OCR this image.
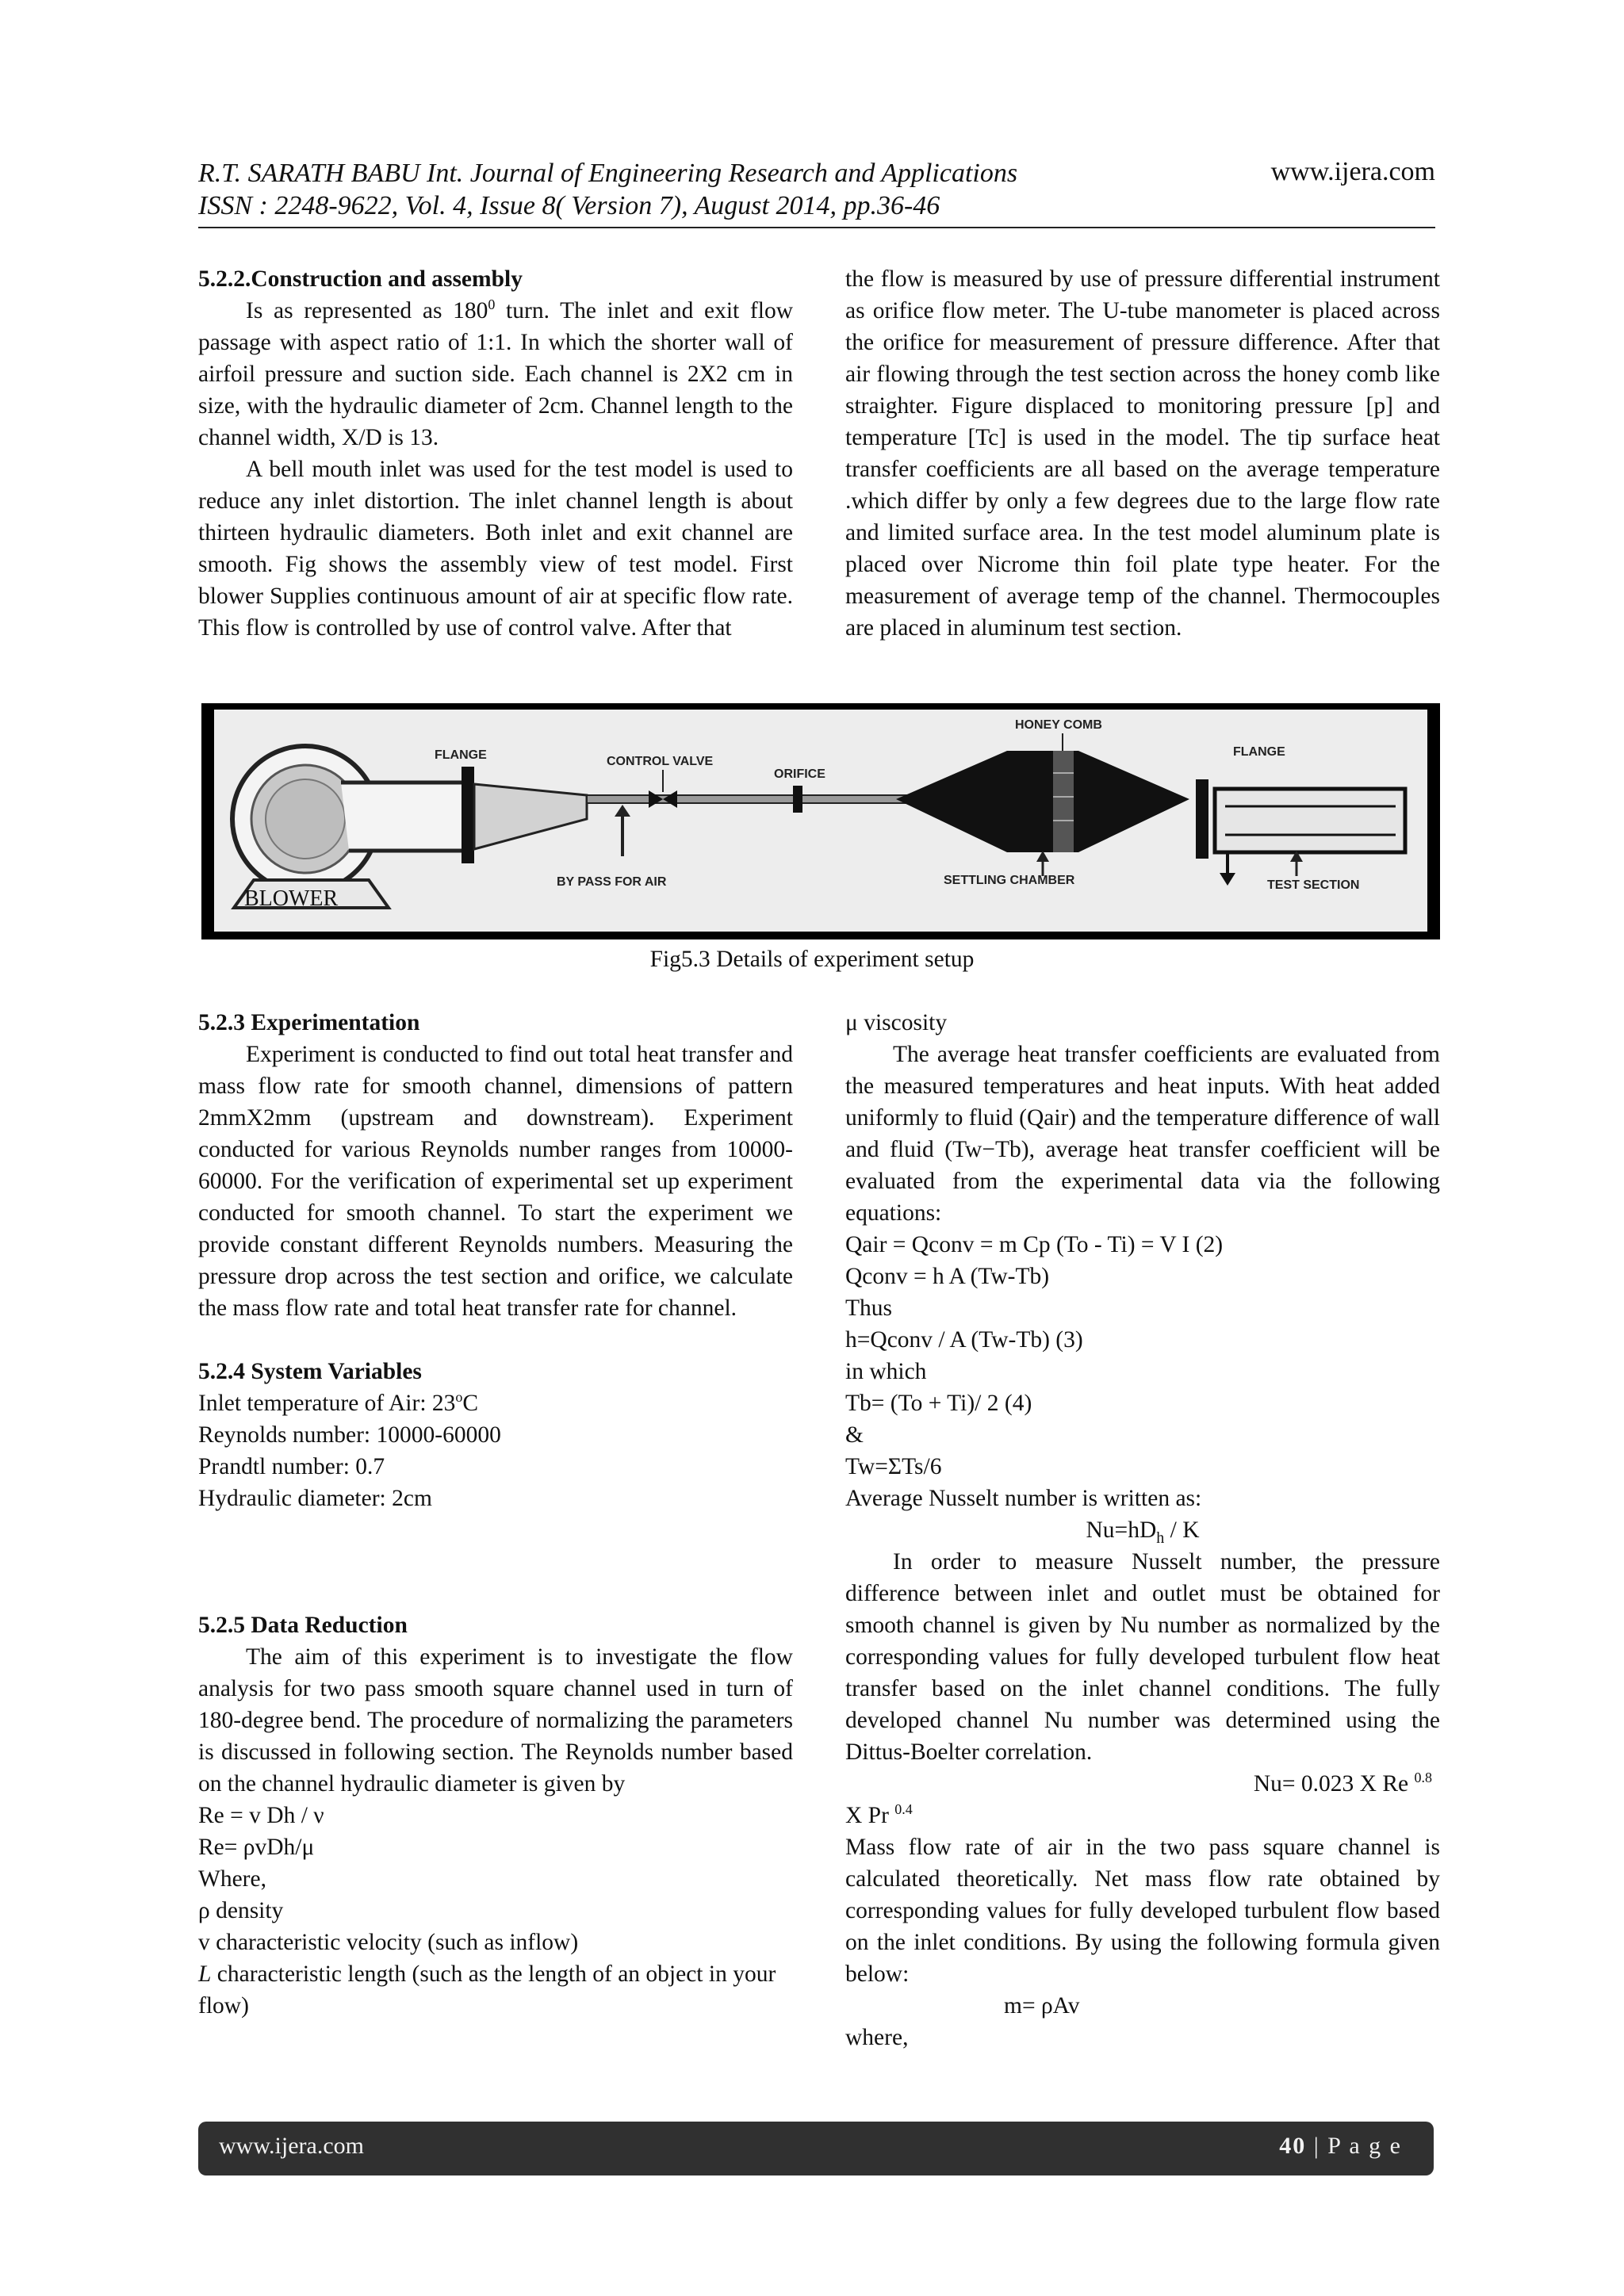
R.T. SARATH BABU Int. Journal of Engineering Research and Applications
ISSN : 2248-9622, Vol. 4, Issue 8( Version 7), August 2014, pp.36-46
www.ijera.com

5.2.2.Construction and assembly

Is as represented as $180^0$ turn. The inlet and exit flow passage with aspect ratio of 1:1. In which the shorter wall of airfoil pressure and suction side. Each channel is 2X2 cm in size, with the hydraulic diameter of 2cm. Channel length to the channel width, X/D is 13.

A bell mouth inlet was used for the test model is used to reduce any inlet distortion. The inlet channel length is about thirteen hydraulic diameters. Both inlet and exit channel are smooth. Fig shows the assembly view of test model. First blower Supplies continuous amount of air at specific flow rate. This flow is controlled by use of control valve. After that

the flow is measured by use of pressure differential instrument as orifice flow meter. The U-tube manometer is placed across the orifice for measurement of pressure difference. After that air flowing through the test section across the honey comb like straighter. Figure displaced to monitoring pressure [p] and temperature [Tc] is used in the model. The tip surface heat transfer coefficients are all based on the average temperature .which differ by only a few degrees due to the large flow rate and limited surface area. In the test model aluminum plate is placed over Nicrome thin foil plate type heater. For the measurement of average temp of the channel. Thermocouples are placed in aluminum test section.

BLOWER
FLANGE	CONTROL VALVE
BY PASS FOR AIR
ORIFICE
HONEY COMB
SETTLING CHAMBER
FLANGE
TEST SECTION
Fig5.3 Details of experiment setup

5.2.3 Experimentation

Experiment is conducted to find out total heat transfer and mass flow rate for smooth channel, dimensions of pattern 2mmX2mm (upstream and downstream). Experiment conducted for various Reynolds number ranges from 10000-60000. For the verification of experimental set up experiment conducted for smooth channel. To start the experiment we provide constant different Reynolds numbers. Measuring the pressure drop across the test section and orifice, we calculate the mass flow rate and total heat transfer rate for channel.

5.2.4 System Variables

Inlet temperature of Air: 23$^o$C

Reynolds number: 10000-60000

Prandtl number: 0.7

Hydraulic diameter: 2cm

5.2.5 Data Reduction

The aim of this experiment is to investigate the flow analysis for two pass smooth square channel used in turn of 180-degree bend. The procedure of normalizing the parameters is discussed in following section. The Reynolds number based on the channel hydraulic diameter is given by

Re = v Dh / ν

Re= ρvDh/μ

Where,

ρ density

v characteristic velocity (such as inflow)

L characteristic length (such as the length of an object in your flow)

μ viscosity

The average heat transfer coefficients are evaluated from the measured temperatures and heat inputs. With heat added uniformly to fluid (Qair) and the temperature difference of wall and fluid (Tw−Tb), average heat transfer coefficient will be evaluated from the experimental data via the following equations:

Qair = Qconv = m Cp (To - Ti) = V I (2)

Qconv = h A (Tw-Tb)

Thus

h=Qconv / A (Tw-Tb) (3)

in which

Tb= (To + Ti)/ 2 (4)

&

Tw=ΣTs/6

Average Nusselt number is written as:

$Nu=hD_h / K$

In order to measure Nusselt number, the pressure difference between inlet and outlet must be obtained for smooth channel is given by Nu number as normalized by the corresponding values for fully developed turbulent flow heat transfer based on the inlet channel conditions. The fully developed channel Nu number was determined using the Dittus-Boelter correlation.

Nu= 0.023 X Re $^{0.8}$

X Pr $^{0.4}$

Mass flow rate of air in the two pass square channel is calculated theoretically. Net mass flow rate obtained by corresponding values for fully developed turbulent flow based on the inlet conditions. By using the following formula given below:

m= ρAv

where,

www.ijera.com	40 | P a g e
